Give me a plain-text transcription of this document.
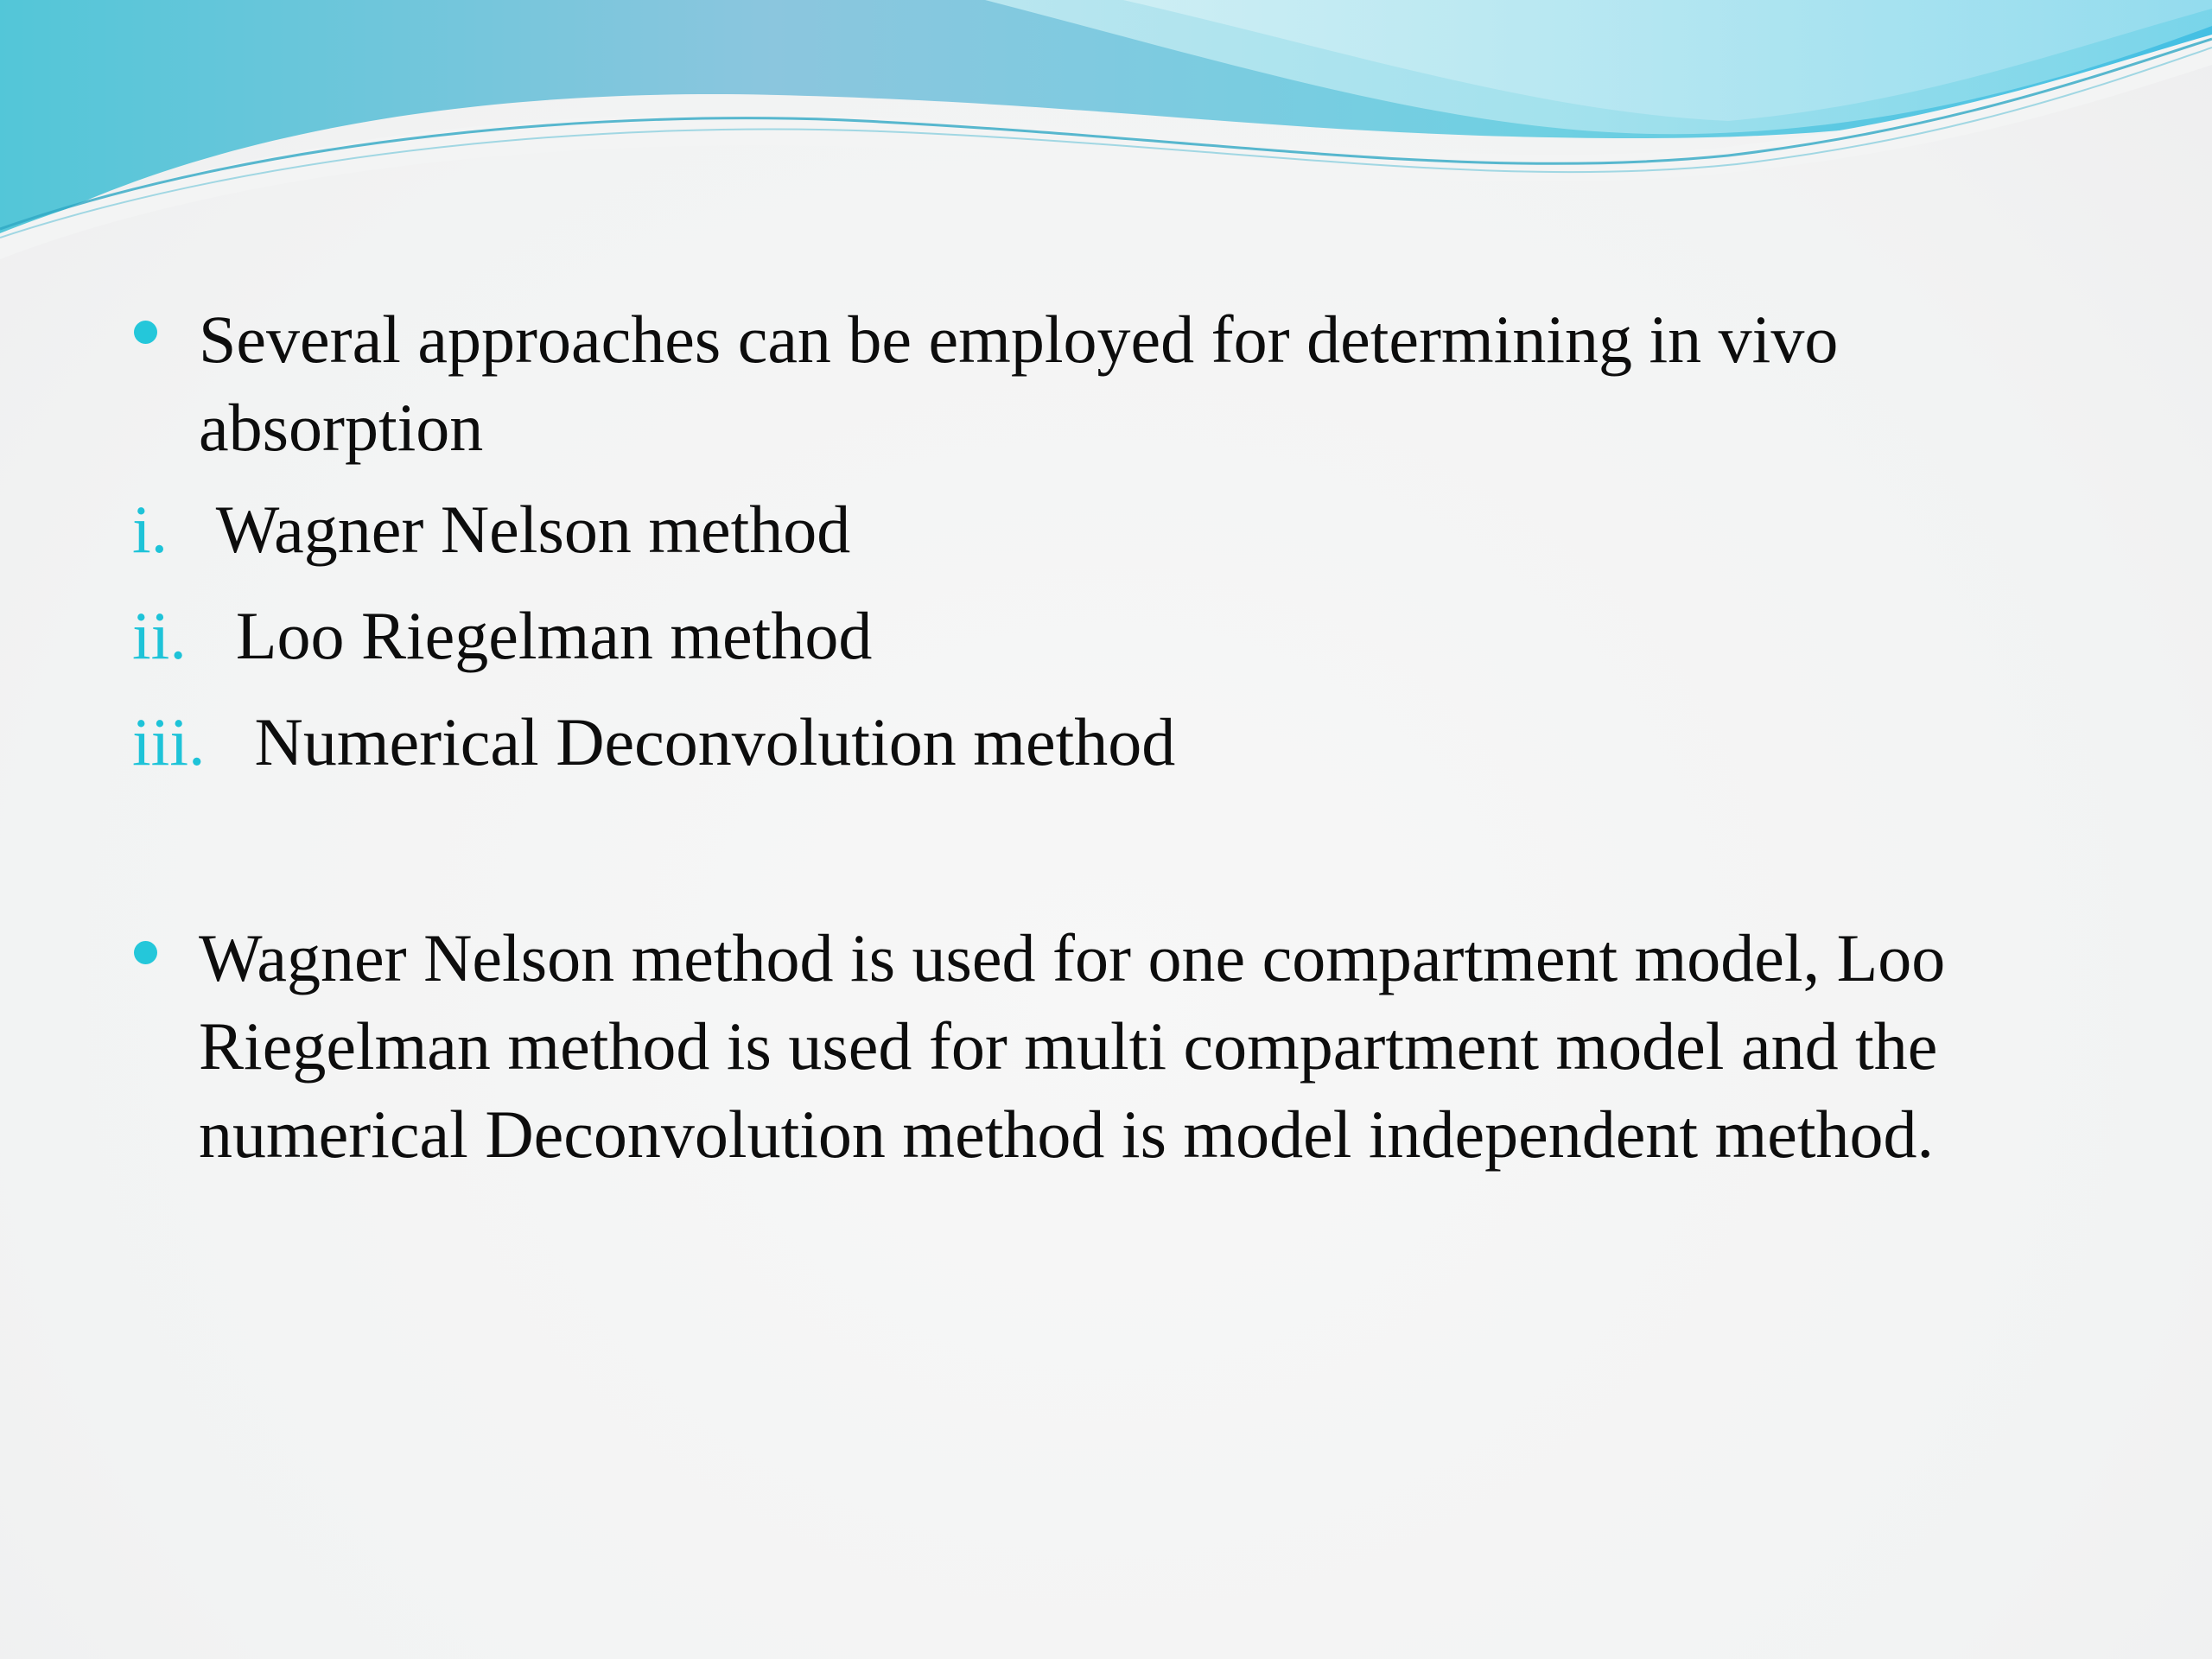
Several approaches can be employed for determining in vivo absorption
i. Wagner Nelson method
ii. Loo Riegelman method
iii. Numerical Deconvolution method
Wagner Nelson method is used for one compartment model, Loo Riegelman method is used for multi compartment model and the numerical Deconvolution method is model independent method.
